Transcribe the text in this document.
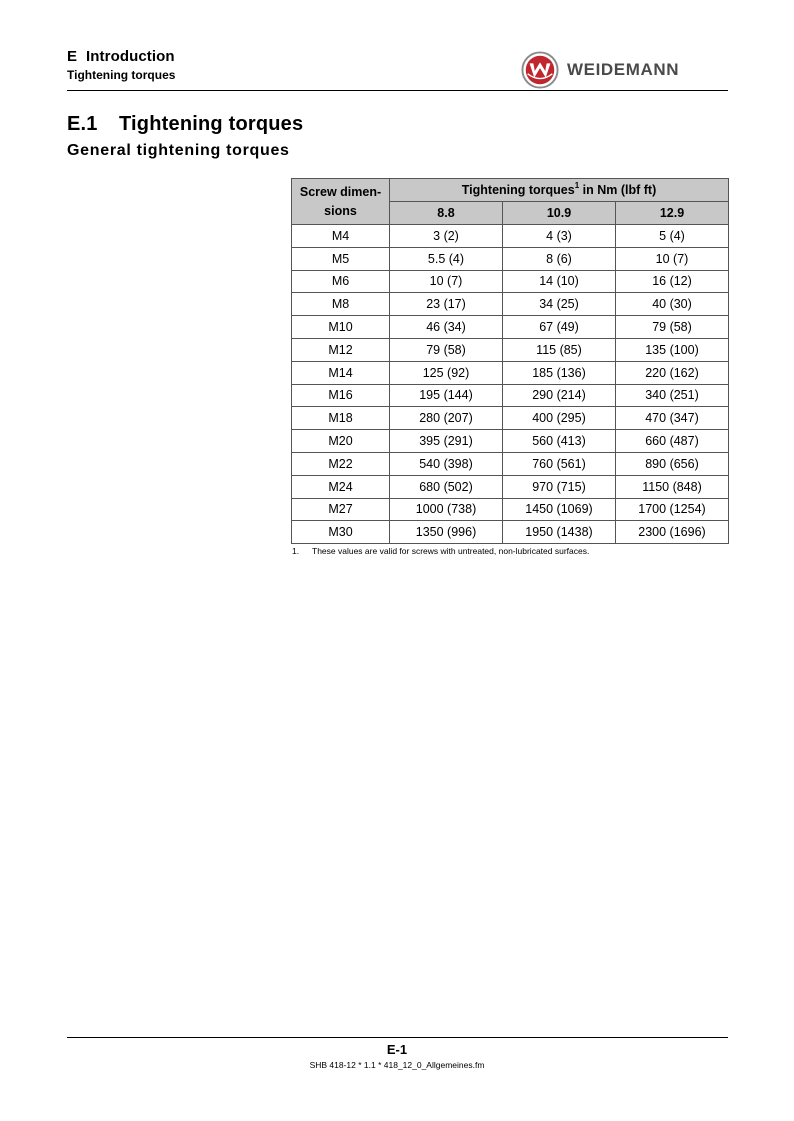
E Introduction
Tightening torques	WEIDEMANN
E.1 Tightening torques
General tightening torques
Screw dimen- sions	Tightening torques$^1$ in Nm (lbf ft)		
	8.8	10.9	12.9
M4	3 (2)	4 (3)	5 (4)
M5	5.5 (4)	8 (6)	10 (7)
M6	10 (7)	14 (10)	16 (12)
M8	23 (17)	34 (25)	40 (30)
M10	46 (34)	67 (49)	79 (58)
M12	79 (58)	115 (85)	135 (100)
M14	125 (92)	185 (136)	220 (162)
M16	195 (144)	290 (214)	340 (251)
M18	280 (207)	400 (295)	470 (347)
M20	395 (291)	560 (413)	660 (487)
M22	540 (398)	760 (561)	890 (656)
M24	680 (502)	970 (715)	1150 (848)
M27	1000 (738)	1450 (1069)	1700 (1254)
M30	1350 (996)	1950 (1438)	2300 (1696)
1. These values are valid for screws with untreated, non-lubricated surfaces.
E-1
SHB 418-12 * 1.1 * 418_12_0_Allgemeines.fm
